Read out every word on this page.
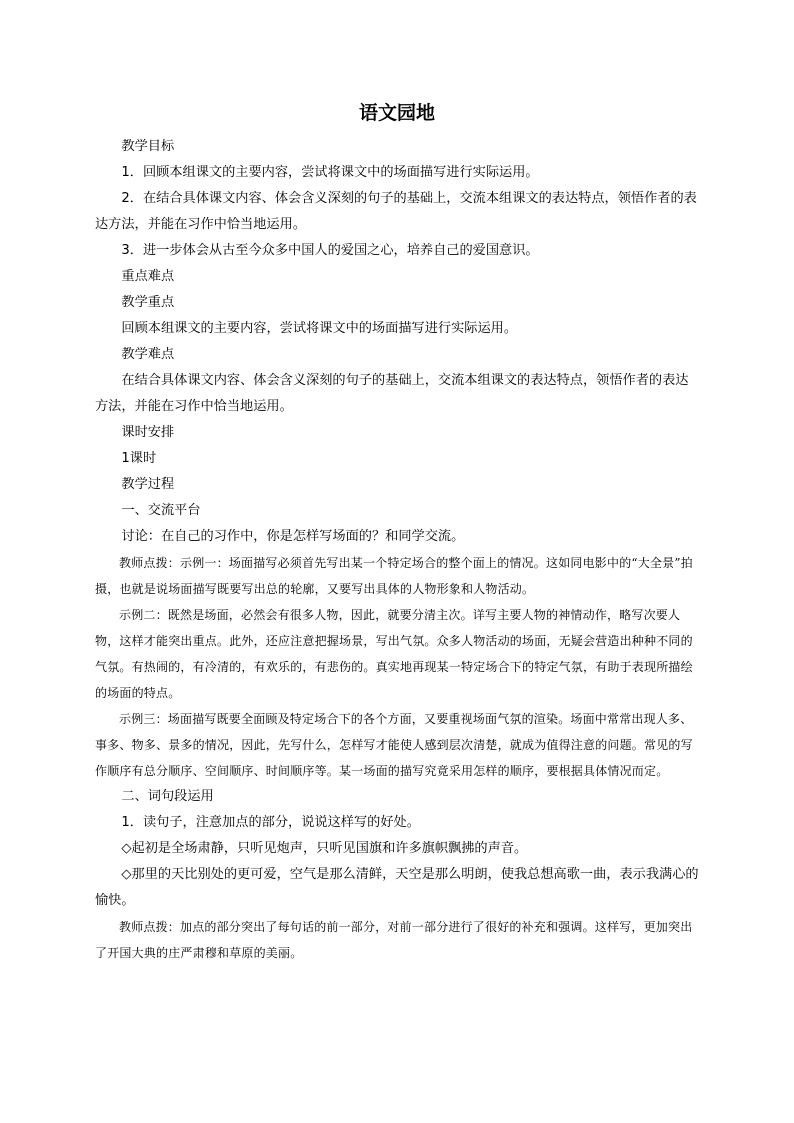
语文园地

教学目标

1．回顾本组课文的主要内容，尝试将课文中的场面描写进行实际运用。

2．在结合具体课文内容、体会含义深刻的句子的基础上，交流本组课文的表达特点，领悟作者的表达方法，并能在习作中恰当地运用。

3．进一步体会从古至今众多中国人的爱国之心，培养自己的爱国意识。

重点难点

教学重点

回顾本组课文的主要内容，尝试将课文中的场面描写进行实际运用。

教学难点

在结合具体课文内容、体会含义深刻的句子的基础上，交流本组课文的表达特点，领悟作者的表达方法，并能在习作中恰当地运用。

课时安排

1课时

教学过程

一、交流平台

讨论：在自己的习作中，你是怎样写场面的？和同学交流。

教师点拨：示例一：场面描写必须首先写出某一个特定场合的整个面上的情况。这如同电影中的“大全景”拍摄，也就是说场面描写既要写出总的轮廓，又要写出具体的人物形象和人物活动。

示例二：既然是场面，必然会有很多人物，因此，就要分清主次。详写主要人物的神情动作，略写次要人物，这样才能突出重点。此外，还应注意把握场景，写出气氛。众多人物活动的场面，无疑会营造出种种不同的气氛。有热闹的，有冷清的，有欢乐的，有悲伤的。真实地再现某一特定场合下的特定气氛，有助于表现所描绘的场面的特点。

示例三：场面描写既要全面顾及特定场合下的各个方面，又要重视场面气氛的渲染。场面中常常出现人多、事多、物多、景多的情况，因此，先写什么，怎样写才能使人感到层次清楚，就成为值得注意的问题。常见的写作顺序有总分顺序、空间顺序、时间顺序等。某一场面的描写究竟采用怎样的顺序，要根据具体情况而定。

二、词句段运用

1．读句子，注意加点的部分，说说这样写的好处。

◇起初是全场肃静，只听见炮声，只听见国旗和许多旗帜飘拂的声音。

◇那里的天比别处的更可爱，空气是那么清鲜，天空是那么明朗，使我总想高歌一曲，表示我满心的愉快。

教师点拨：加点的部分突出了每句话的前一部分，对前一部分进行了很好的补充和强调。这样写，更加突出了开国大典的庄严肃穆和草原的美丽。
